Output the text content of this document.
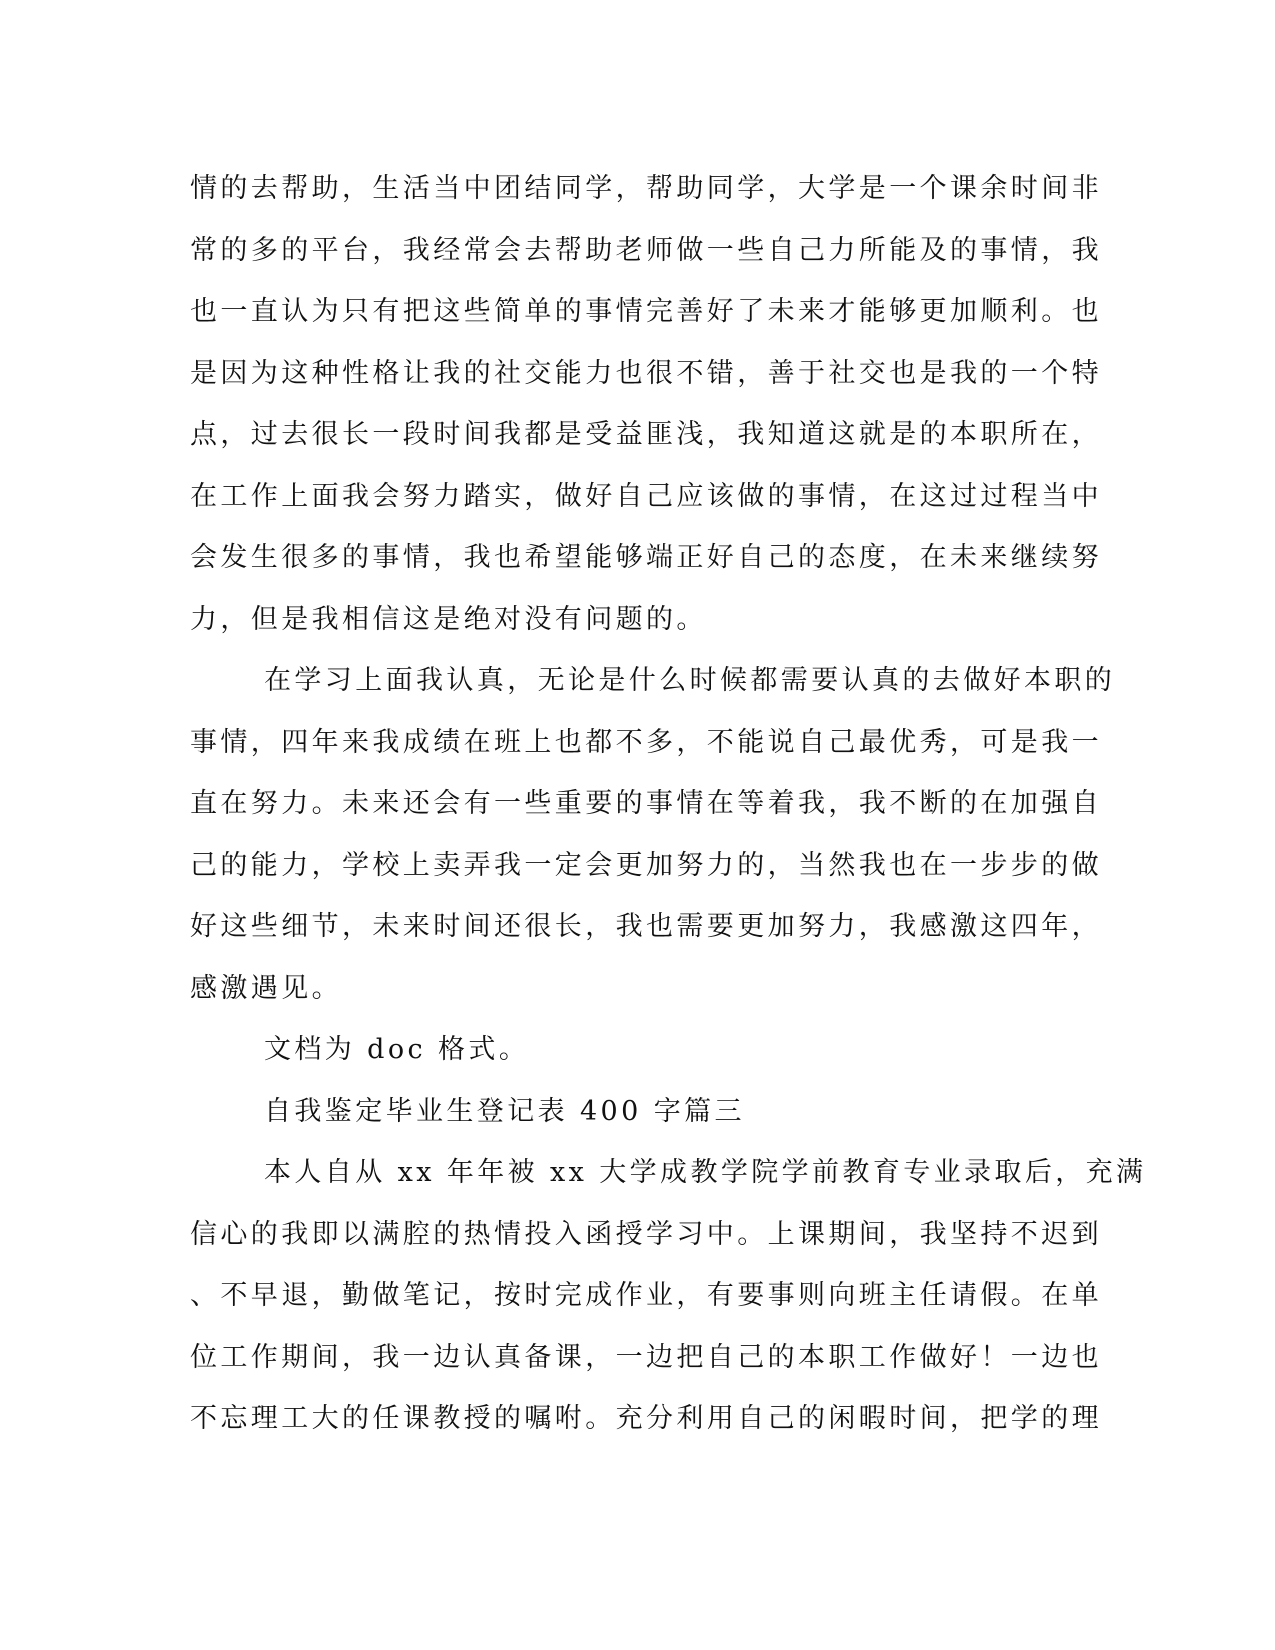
情的去帮助，生活当中团结同学，帮助同学，大学是一个课余时间非
常的多的平台，我经常会去帮助老师做一些自己力所能及的事情，我
也一直认为只有把这些简单的事情完善好了未来才能够更加顺利。也
是因为这种性格让我的社交能力也很不错，善于社交也是我的一个特
点，过去很长一段时间我都是受益匪浅，我知道这就是的本职所在，
在工作上面我会努力踏实，做好自己应该做的事情，在这过过程当中
会发生很多的事情，我也希望能够端正好自己的态度，在未来继续努
力，但是我相信这是绝对没有问题的。
在学习上面我认真，无论是什么时候都需要认真的去做好本职的
事情，四年来我成绩在班上也都不多，不能说自己最优秀，可是我一
直在努力。未来还会有一些重要的事情在等着我，我不断的在加强自
己的能力，学校上卖弄我一定会更加努力的，当然我也在一步步的做
好这些细节，未来时间还很长，我也需要更加努力，我感激这四年，
感激遇见。
文档为 doc 格式。
自我鉴定毕业生登记表 400 字篇三
本人自从 xx 年年被 xx 大学成教学院学前教育专业录取后，充满
信心的我即以满腔的热情投入函授学习中。上课期间，我坚持不迟到
、不早退，勤做笔记，按时完成作业，有要事则向班主任请假。在单
位工作期间，我一边认真备课，一边把自己的本职工作做好！一边也
不忘理工大的任课教授的嘱咐。充分利用自己的闲暇时间，把学的理
